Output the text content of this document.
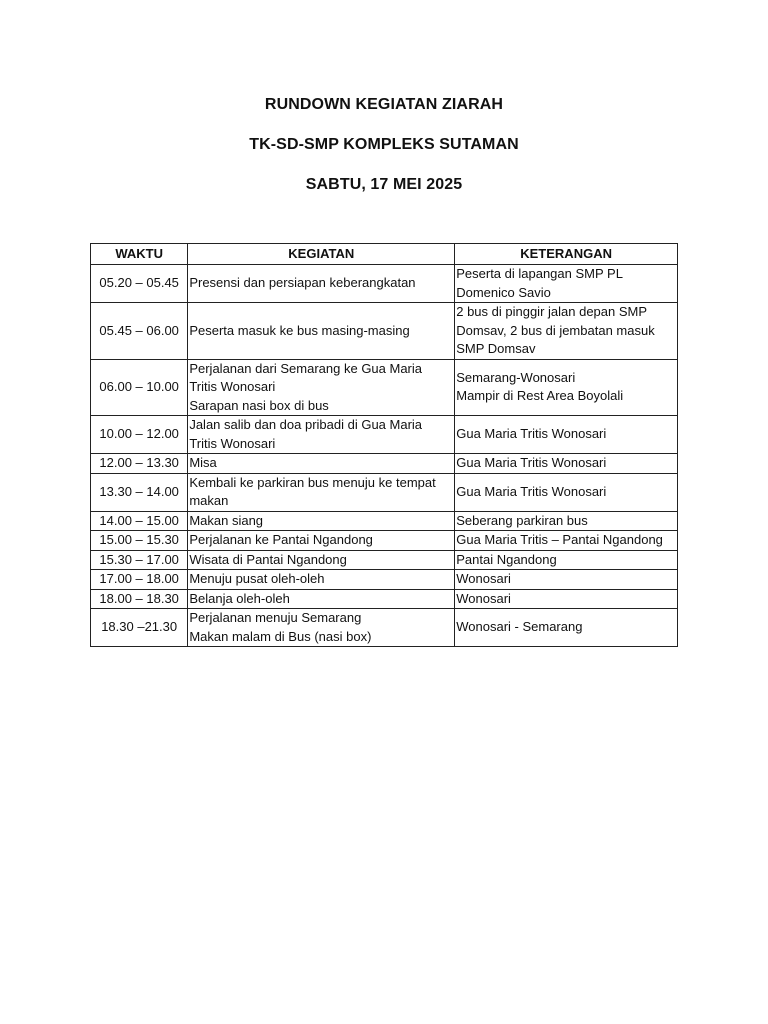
RUNDOWN KEGIATAN ZIARAH
TK-SD-SMP KOMPLEKS SUTAMAN
SABTU, 17 MEI 2025
WAKTU	KEGIATAN	KETERANGAN
05.20 – 05.45	Presensi dan persiapan keberangkatan	Peserta di lapangan SMP PL
Domenico Savio

05.45 – 06.00	Peserta masuk ke bus masing-masing	2 bus di pinggir jalan depan SMP
Domsav, 2 bus di jembatan masuk
SMP Domsav

06.00 – 10.00	Perjalanan dari Semarang ke Gua Maria
Tritis Wonosari
Sarapan nasi box di bus	Semarang-Wonosari
Mampir di Rest Area Boyolali

10.00 – 12.00	Jalan salib dan doa pribadi di Gua Maria
Tritis Wonosari	Gua Maria Tritis Wonosari

12.00 – 13.30	Misa	Gua Maria Tritis Wonosari

13.30 – 14.00	Kembali ke parkiran bus menuju ke tempat
makan	Gua Maria Tritis Wonosari

14.00 – 15.00	Makan siang	Seberang parkiran bus

15.00 – 15.30	Perjalanan ke Pantai Ngandong	Gua Maria Tritis – Pantai Ngandong

15.30 – 17.00	Wisata di Pantai Ngandong	Pantai Ngandong

17.00 – 18.00	Menuju pusat oleh-oleh	Wonosari

18.00 – 18.30	Belanja oleh-oleh	Wonosari

18.30 –21.30	Perjalanan menuju Semarang
Makan malam di Bus (nasi box)	Wonosari - Semarang
